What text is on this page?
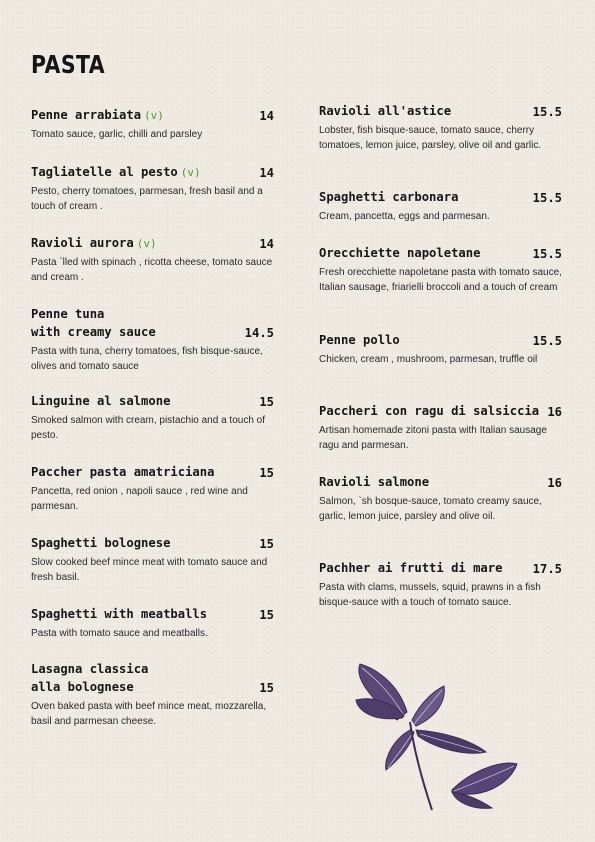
PASTA
Penne arrabiata (v)	14
Tomato sauce, garlic, chilli and parsley
Tagliatelle al pesto (v)	14
Pesto, cherry tomatoes, parmesan, fresh basil and a touch of cream .
Ravioli aurora (v)	14
Pasta `lled with spinach , ricotta cheese, tomato sauce and cream .
Penne tuna
with creamy sauce	14.5
Pasta with tuna, cherry tomatoes, fish bisque-sauce, olives and tomato sauce
Linguine al salmone	15
Smoked salmon with cream, pistachio and a touch of pesto.
Paccher pasta amatriciana	15
Pancetta, red onion , napoli sauce , red wine and parmesan.
Spaghetti bolognese	15
Slow cooked beef mince meat with tomato sauce and fresh basil.
Spaghetti with meatballs	15
Pasta with tomato sauce and meatballs.
Lasagna classica
alla bolognese	15
Oven baked pasta with beef mince meat, mozzarella, basil and parmesan cheese.
Ravioli all'astice	15.5
Lobster, fish bisque-sauce, tomato sauce, cherry tomatoes, lemon juice, parsley, olive oil and garlic.
Spaghetti carbonara	15.5
Cream, pancetta, eggs and parmesan.
Orecchiette napoletane	15.5
Fresh orecchiette napoletane pasta with tomato sauce, Italian sausage, friarielli broccoli and a touch of cream
Penne pollo	15.5
Chicken, cream , mushroom, parmesan, truffle oil
Paccheri con ragu di salsiccia 16
Artisan homemade zitoni pasta with Italian sausage ragu and parmesan.
Ravioli salmone	16
Salmon, `sh bosque-sauce, tomato creamy sauce, garlic, lemon juice, parsley and olive oil.
Pachher ai frutti di mare 17.5
Pasta with clams, mussels, squid, prawns in a fish bisque-sauce with a touch of tomato sauce.
